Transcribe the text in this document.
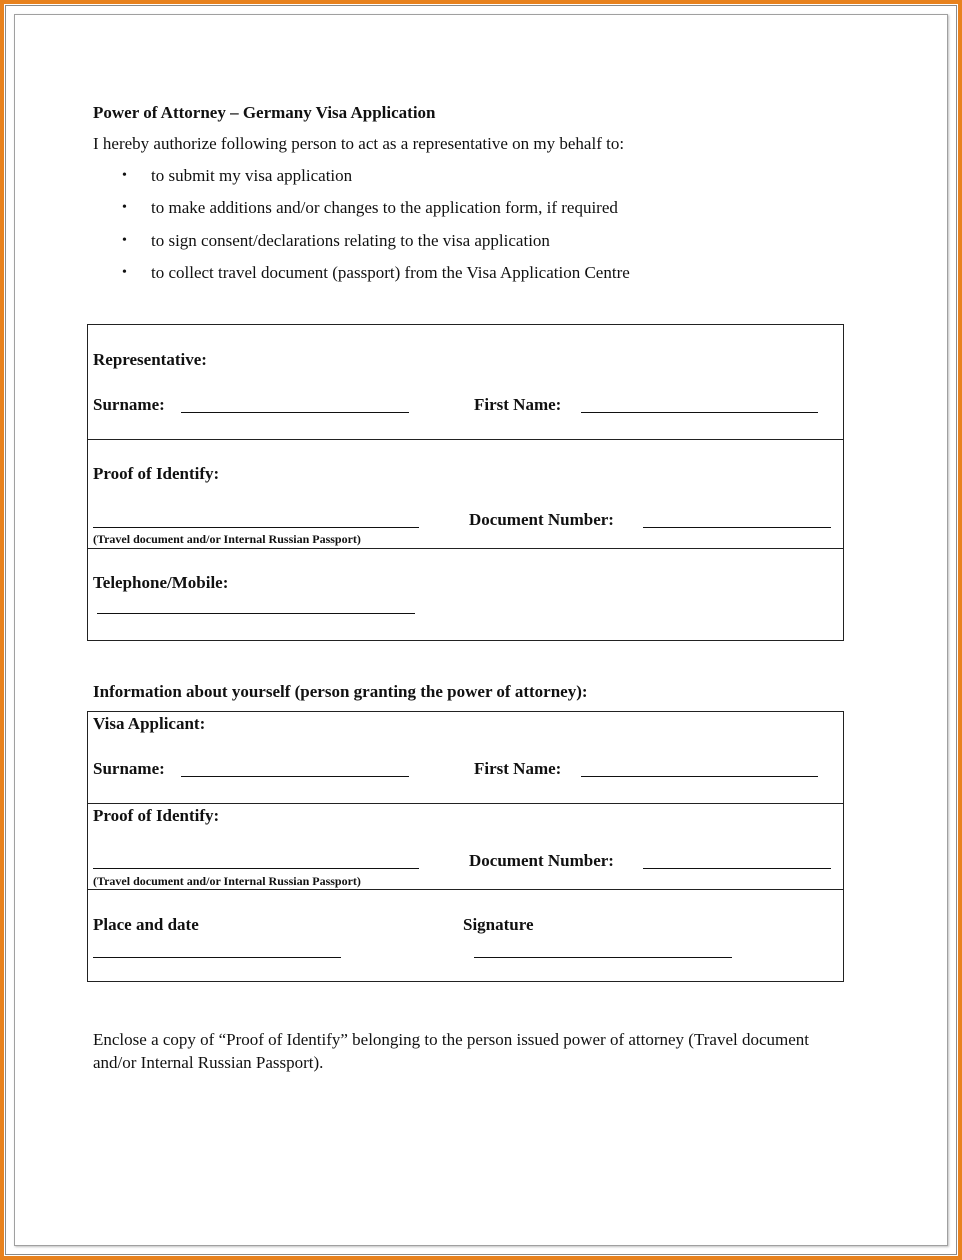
Power of Attorney – Germany Visa Application
I hereby authorize following person to act as a representative on my behalf to:
• to submit my visa application
• to make additions and/or changes to the application form, if required
• to sign consent/declarations relating to the visa application
• to collect travel document (passport) from the Visa Application Centre
Representative:
Surname:	First Name:
Proof of Identify:
Document Number:
(Travel document and/or Internal Russian Passport)
Telephone/Mobile:
Information about yourself (person granting the power of attorney):
Visa Applicant:
Surname:	First Name:
Proof of Identify:
Document Number:
(Travel document and/or Internal Russian Passport)
Place and date	Signature
Enclose a copy of “Proof of Identify” belonging to the person issued power of attorney (Travel document and/or Internal Russian Passport).
